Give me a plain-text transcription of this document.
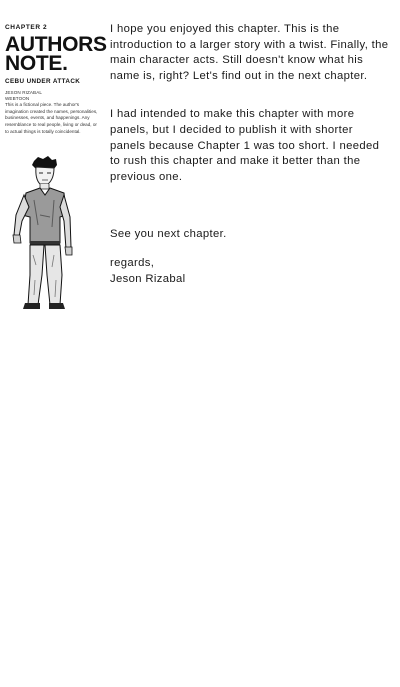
CHAPTER 2

AUTHORS
NOTE.

CEBU UNDER ATTACK

JESON RIZABAL

WEBTOON

This is a fictional piece. The author's imagination created the names, personalities, businesses, events, and happenings. Any resemblance to real people, living or dead, or to actual things is totally coincidental.

I hope you enjoyed this chapter. This is the introduction to a larger story with a twist. Finally, the main character acts. Still doesn't know what his name is, right? Let's find out in the next chapter.

I had intended to make this chapter with more panels, but I decided to publish it with shorter panels because Chapter 1 was too short. I needed to rush this chapter and make it better than the previous one.

See you next chapter.

regards,

Jeson Rizabal
